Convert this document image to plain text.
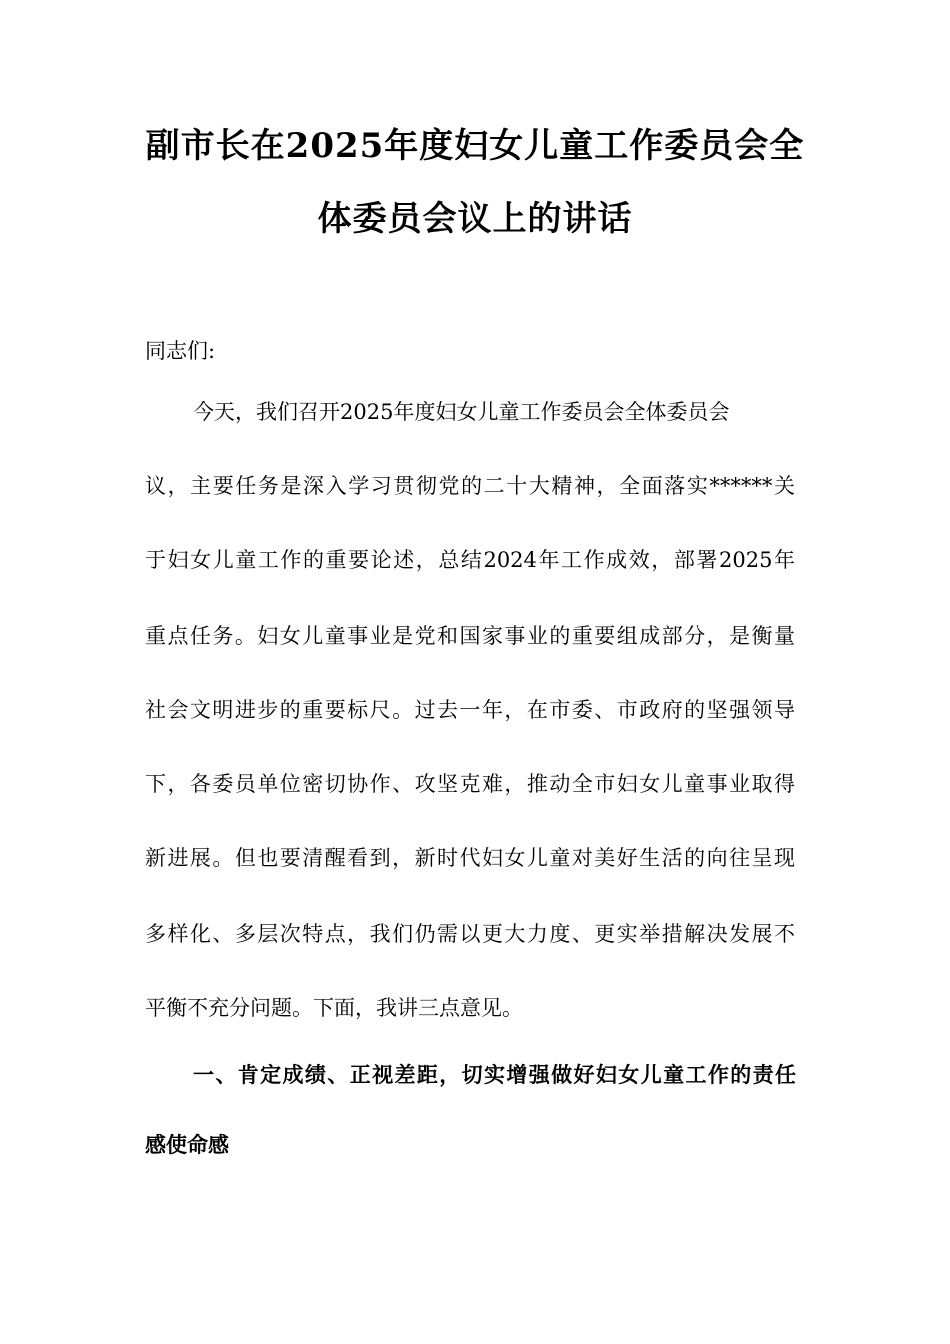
副市长在2025年度妇女儿童工作委员会全
体委员会议上的讲话
同志们:
今天，我们召开2025年度妇女儿童工作委员会全体委员会
议，主要任务是深入学习贯彻党的二十大精神，全面落实******关
于妇女儿童工作的重要论述，总结2024年工作成效，部署2025年
重点任务。妇女儿童事业是党和国家事业的重要组成部分，是衡量
社会文明进步的重要标尺。过去一年，在市委、市政府的坚强领导
下，各委员单位密切协作、攻坚克难，推动全市妇女儿童事业取得
新进展。但也要清醒看到，新时代妇女儿童对美好生活的向往呈现
多样化、多层次特点，我们仍需以更大力度、更实举措解决发展不
平衡不充分问题。下面，我讲三点意见。
一、肯定成绩、正视差距，切实增强做好妇女儿童工作的责任
感使命感
